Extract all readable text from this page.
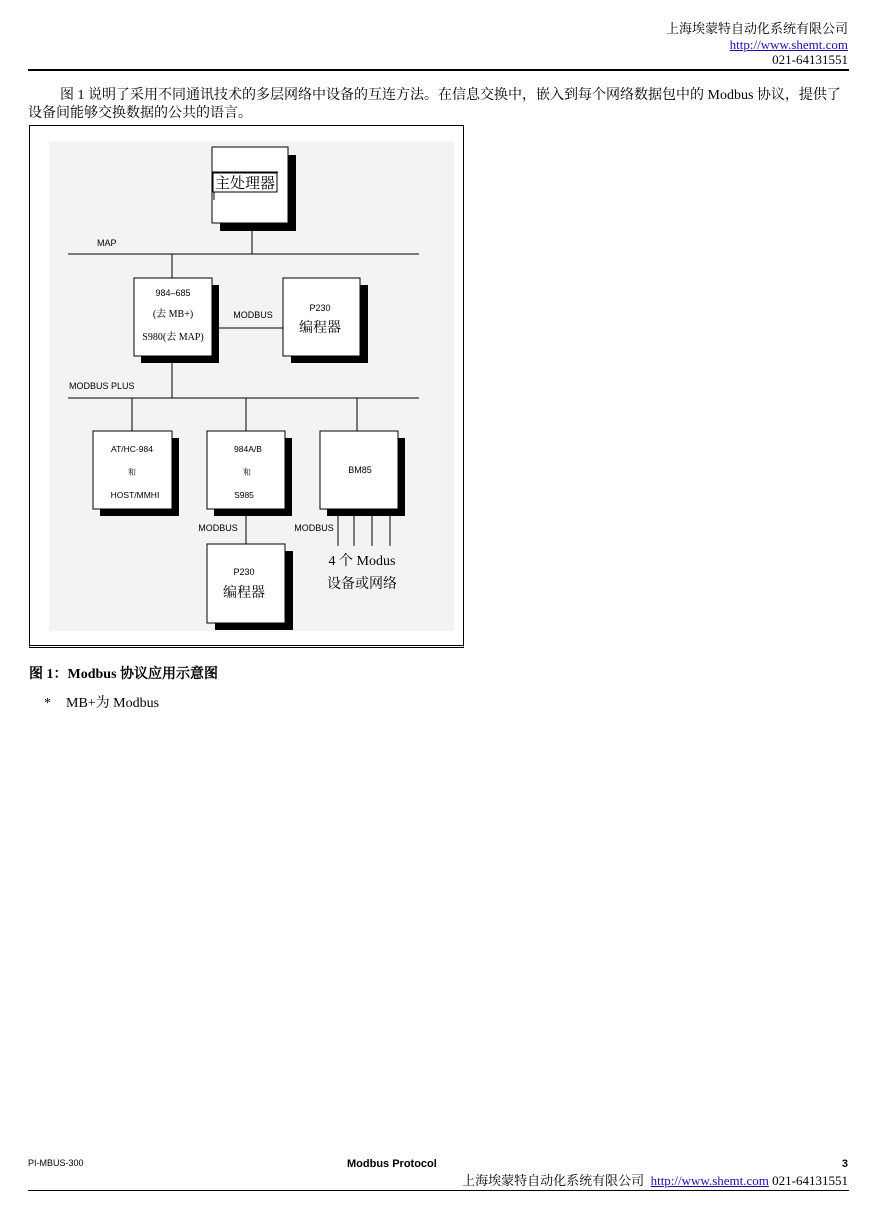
上海埃蒙特自动化系统有限公司
http://www.shemt.com
021-64131551
图 1 说明了采用不同通讯技术的多层网络中设备的互连方法。在信息交换中，嵌入到每个网络数据包中的 Modbus 协议，提供了设备间能够交换数据的公共的语言。
主处理器
MAP
984–685
(去 MB+)
S980(去 MAP)
MODBUS
P230
编程器
MODBUS PLUS
AT/HC-984
和
HOST/MMHI
984A/B
和
S985
BM85
MODBUS	MODBUS
P230
编程器
4 个 Modus
设备或网络
图 1：Modbus 协议应用示意图
* MB+为 Modbus
PI-MBUS-300	Modbus Protocol	3
上海埃蒙特自动化系统有限公司 http://www.shemt.com 021-64131551
